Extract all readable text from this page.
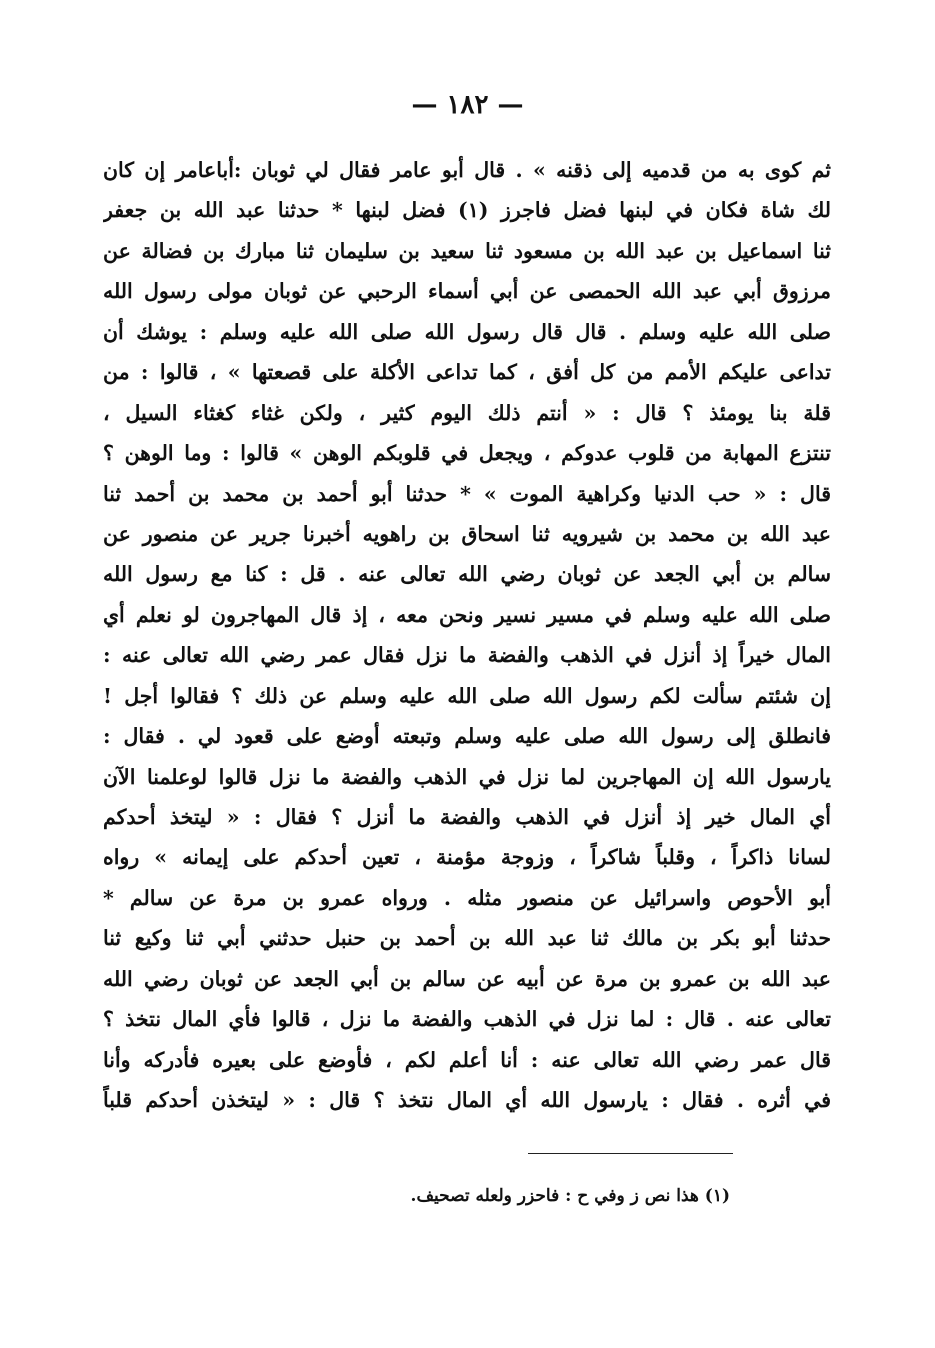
— ١٨٢ —
ثم كوى به من قدميه إلى ذقنه » . قال أبو عامر فقال لي ثوبان :أباعامر إن كان
لك شاة فكان في لبنها فضل فاجرز (١) فضل لبنها * حدثنا عبد الله بن جعفر
ثنا اسماعيل بن عبد الله بن مسعود ثنا سعيد بن سليمان ثنا مبارك بن فضالة عن
مرزوق أبي عبد الله الحمصى عن أبي أسماء الرحبي عن ثوبان مولى رسول الله
صلى الله عليه وسلم . قال قال رسول الله صلى الله عليه وسلم : يوشك أن
تداعى عليكم الأمم من كل أفق ، كما تداعى الأكلة على قصعتها » ، قالوا : من
قلة بنا يومئذ ؟ قال : « أنتم ذلك اليوم كثير ، ولكن غثاء كغثاء السيل ،
تنتزع المهابة من قلوب عدوكم ، ويجعل في قلوبكم الوهن » قالوا : وما الوهن ؟
قال : « حب الدنيا وكراهية الموت » * حدثنا أبو أحمد بن محمد بن أحمد ثنا
عبد الله بن محمد بن شيرويه ثنا اسحاق بن راهويه أخبرنا جرير عن منصور عن
سالم بن أبي الجعد عن ثوبان رضي الله تعالى عنه . قل : كنا مع رسول الله
صلى الله عليه وسلم في مسير نسير ونحن معه ، إذ قال المهاجرون لو نعلم أي
المال خيراً إذ أنزل في الذهب والفضة ما نزل فقال عمر رضي الله تعالى عنه :
إن شئتم سألت لكم رسول الله صلى الله عليه وسلم عن ذلك ؟ فقالوا أجل !
فانطلق إلى رسول الله صلى عليه وسلم وتبعته أوضع على قعود لي . فقال :
يارسول الله إن المهاجرين لما نزل في الذهب والفضة ما نزل قالوا لوعلمنا الآن
أي المال خير إذ أنزل في الذهب والفضة ما أنزل ؟ فقال : « ليتخذ أحدكم
لسانا ذاكراً ، وقلباً شاكراً ، وزوجة مؤمنة ، تعين أحدكم على إيمانه » رواه
أبو الأحوص واسرائيل عن منصور مثله . ورواه عمرو بن مرة عن سالم *
حدثنا أبو بكر بن مالك ثنا عبد الله بن أحمد بن حنبل حدثني أبي ثنا وكيع ثنا
عبد الله بن عمرو بن مرة عن أبيه عن سالم بن أبي الجعد عن ثوبان رضي الله
تعالى عنه . قال : لما نزل في الذهب والفضة ما نزل ، قالوا فأي المال نتخذ ؟
قال عمر رضي الله تعالى عنه : أنا أعلم لكم ، فأوضع على بعيره فأدركه وأنا
في أثره . فقال : يارسول الله أي المال نتخذ ؟ قال : « ليتخذن أحدكم قلباً
(١) هذا نص ز وفي ح : فاحزر ولعله تصحيف.
